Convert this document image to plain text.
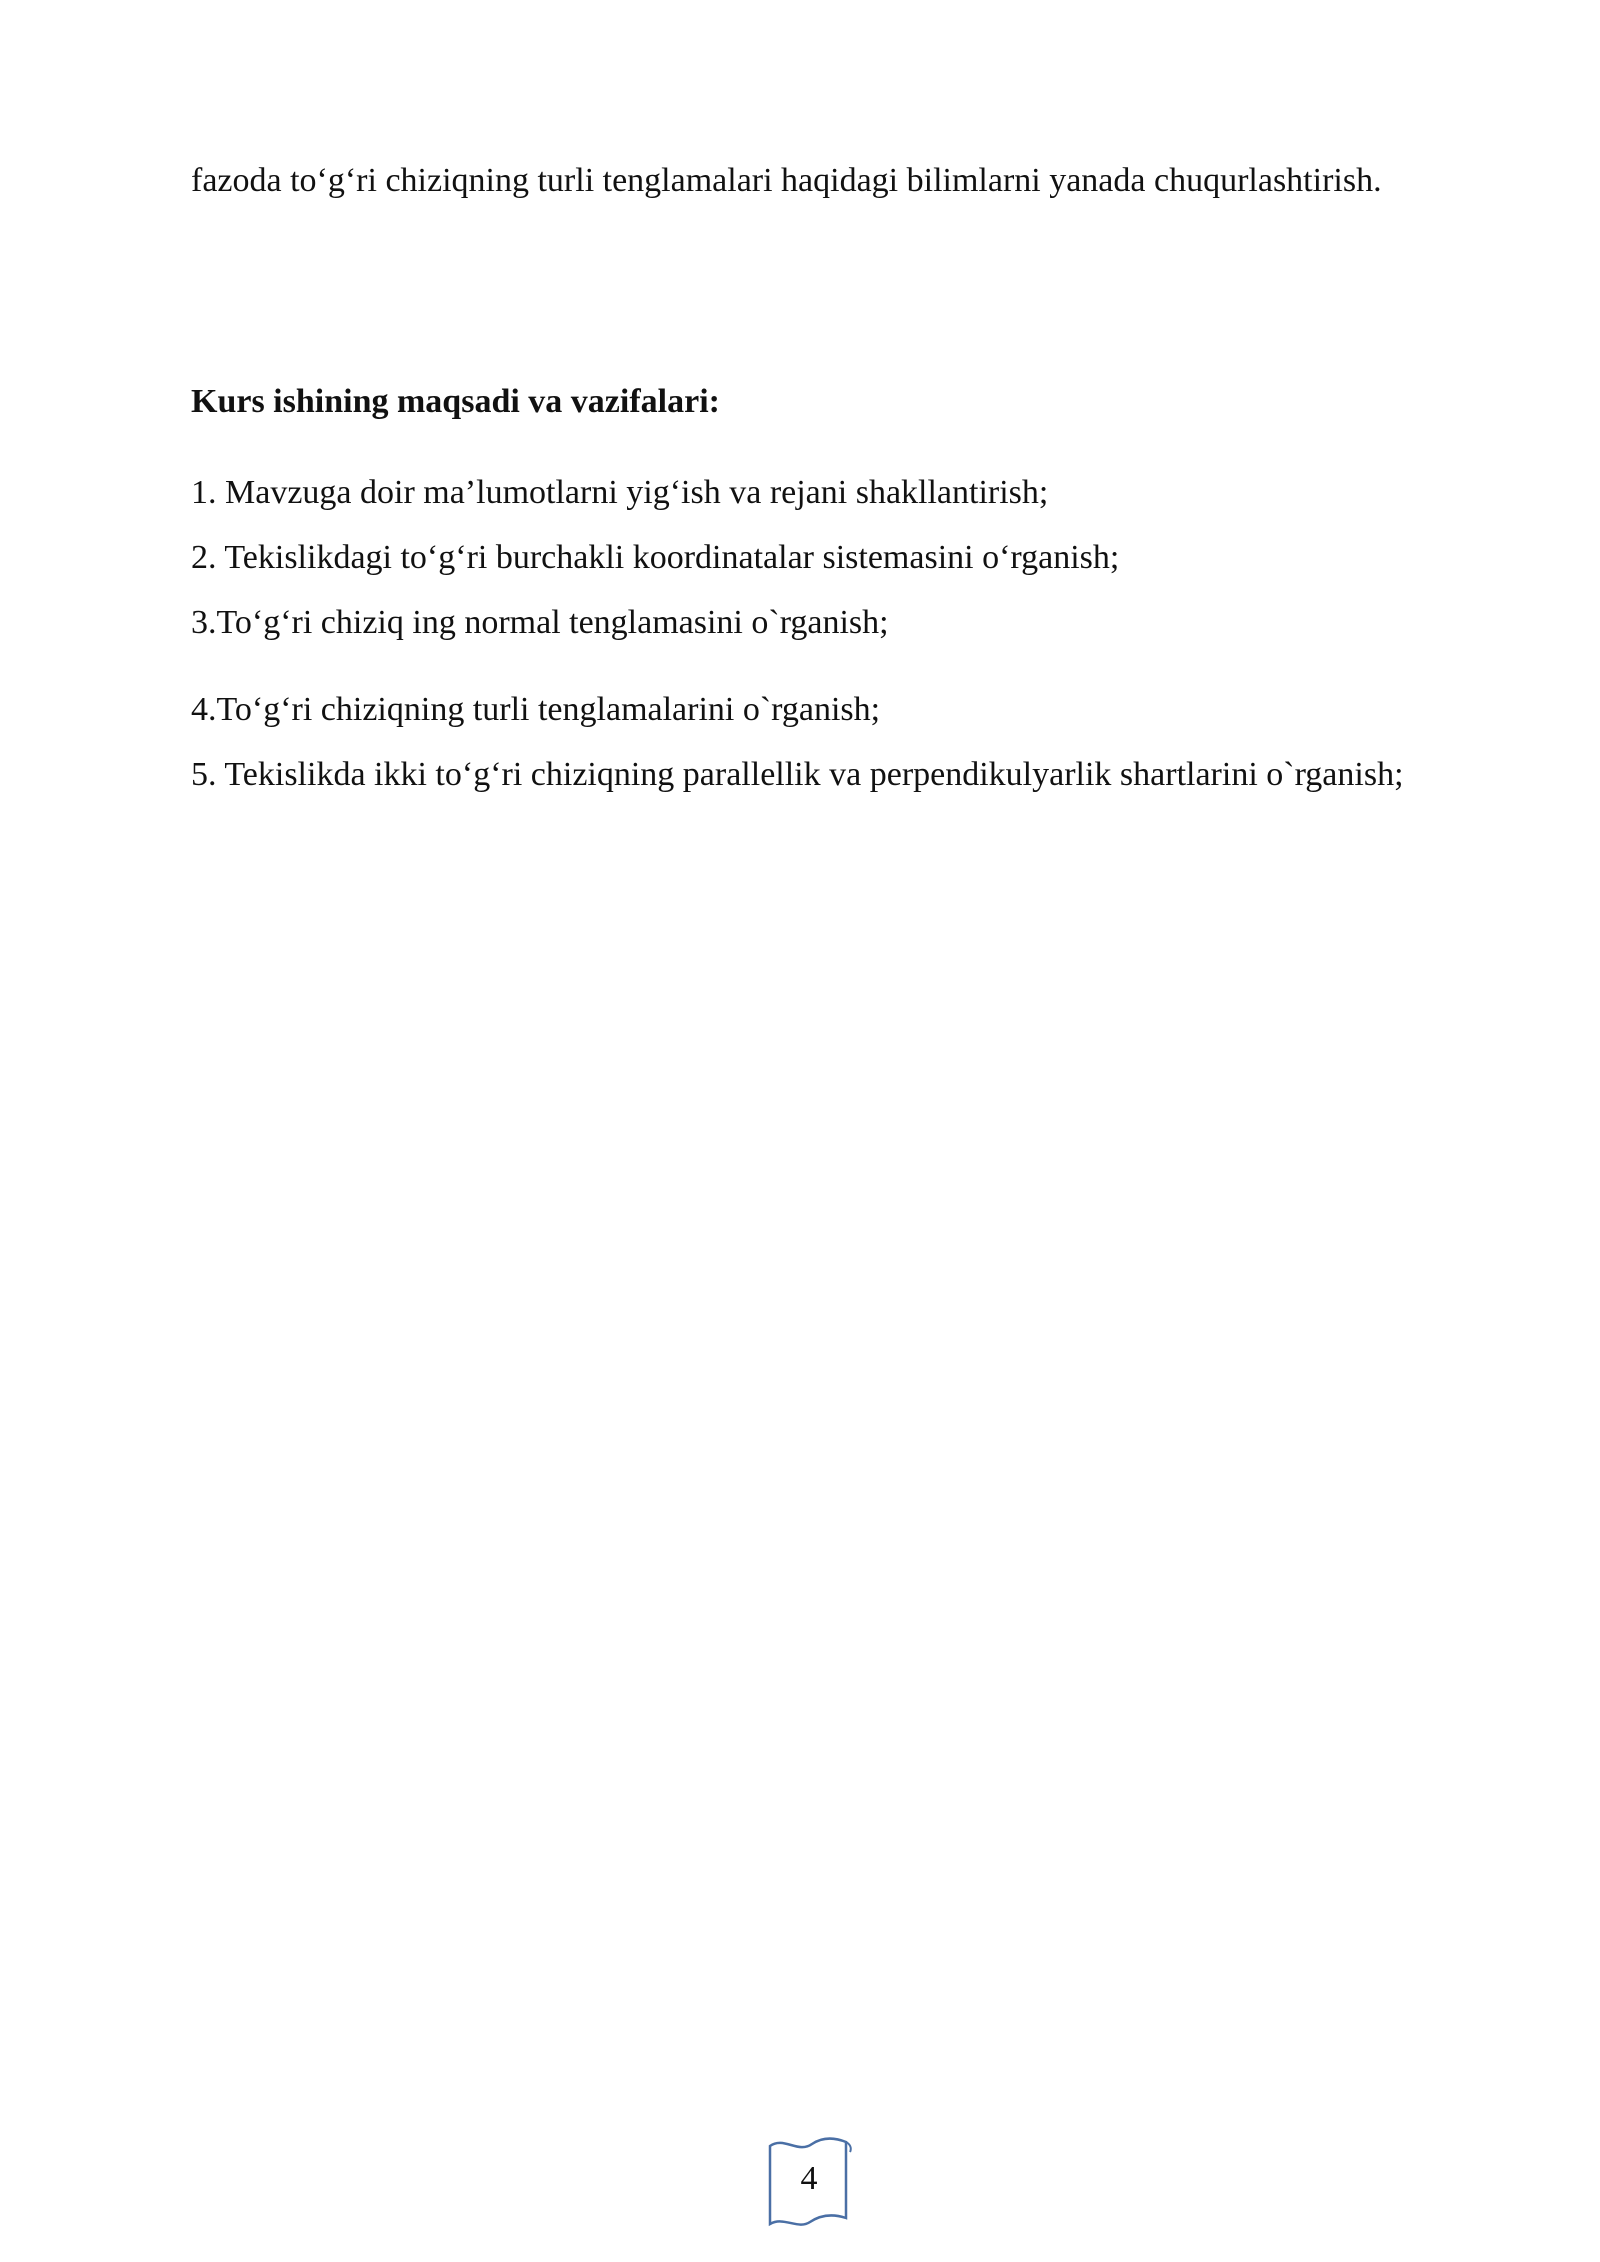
fazoda to‘g‘ri chiziqning turli tenglamalari haqidagi bilimlarni yanada chuqurlashtirish.

Kurs ishining maqsadi va vazifalari:

1. Mavzuga doir ma’lumotlarni yig‘ish va rejani shakllantirish;

2. Tekislikdagi to‘g‘ri burchakli koordinatalar sistemasini o‘rganish;

3.To‘g‘ri chiziq ing normal tenglamasini o`rganish;

4.To‘g‘ri chiziqning turli tenglamalarini o`rganish;

5. Tekislikda ikki to‘g‘ri chiziqning parallellik va perpendikulyarlik shartlarini o`rganish;

4
